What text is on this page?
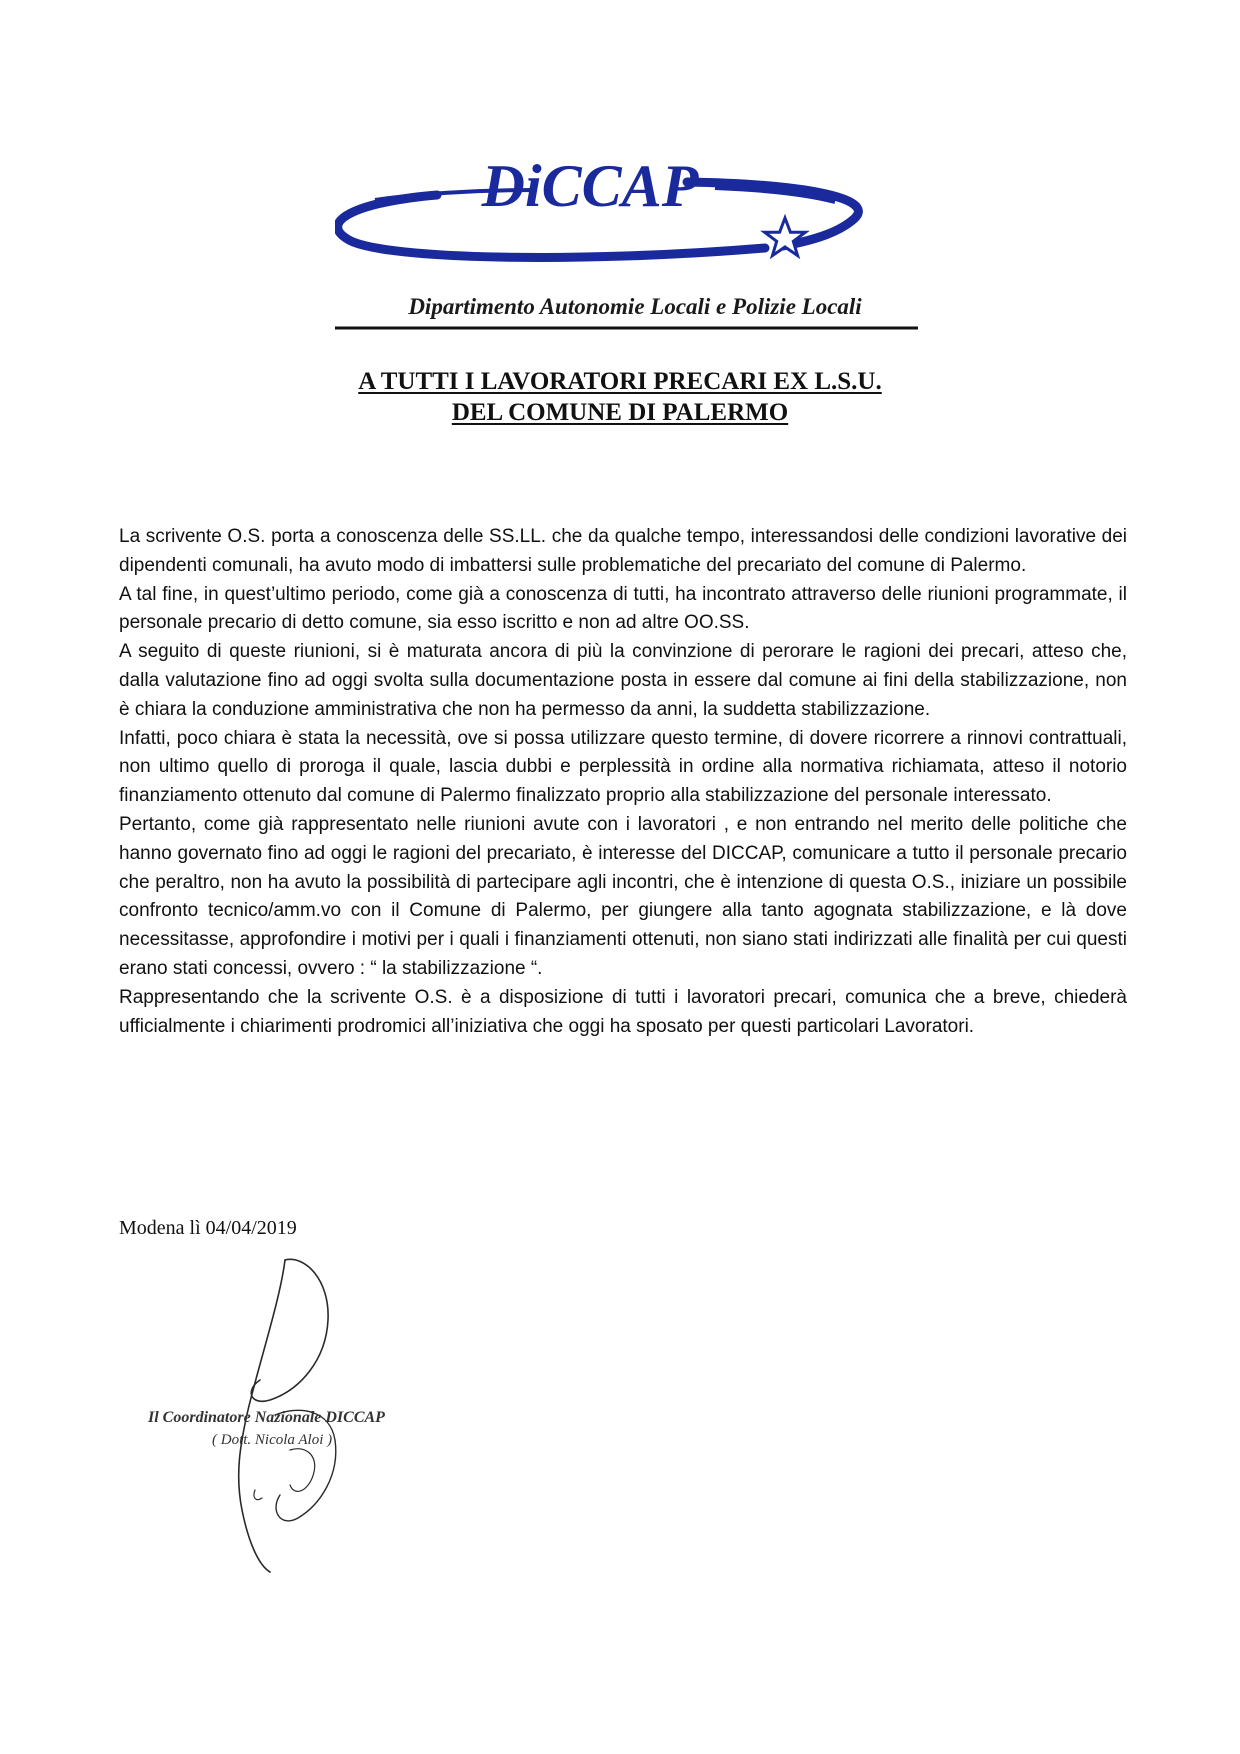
DiCCAP
Dipartimento Autonomie Locali e Polizie Locali
A TUTTI I LAVORATORI PRECARI EX L.S.U.
DEL COMUNE DI PALERMO

La scrivente O.S. porta a conoscenza delle SS.LL. che da qualche tempo, interessandosi delle condizioni lavorative dei dipendenti comunali, ha avuto modo di imbattersi sulle problematiche del precariato del comune di Palermo.

A tal fine, in quest’ultimo periodo, come già a conoscenza di tutti, ha incontrato attraverso delle riunioni programmate, il personale precario di detto comune, sia esso iscritto e non ad altre OO.SS.

A seguito di queste riunioni, si è maturata ancora di più la convinzione di perorare le ragioni dei precari, atteso che, dalla valutazione fino ad oggi svolta sulla documentazione posta in essere dal comune ai fini della stabilizzazione, non è chiara la conduzione amministrativa che non ha permesso da anni, la suddetta stabilizzazione.

Infatti, poco chiara è stata la necessità, ove si possa utilizzare questo termine, di dovere ricorrere a rinnovi contrattuali, non ultimo quello di proroga il quale, lascia dubbi e perplessità in ordine alla normativa richiamata, atteso il notorio finanziamento ottenuto dal comune di Palermo finalizzato proprio alla stabilizzazione del personale interessato.

Pertanto, come già rappresentato nelle riunioni avute con i lavoratori , e non entrando nel merito delle politiche che hanno governato fino ad oggi le ragioni del precariato, è interesse del DICCAP, comunicare a tutto il personale precario che peraltro, non ha avuto la possibilità di partecipare agli incontri, che è intenzione di questa O.S., iniziare un possibile confronto tecnico/amm.vo con il Comune di Palermo, per giungere alla tanto agognata stabilizzazione, e là dove necessitasse, approfondire i motivi per i quali i finanziamenti ottenuti, non siano stati indirizzati alle finalità per cui questi erano stati concessi, ovvero : “ la stabilizzazione “.

Rappresentando che la scrivente O.S. è a disposizione di tutti i lavoratori precari, comunica che a breve, chiederà ufficialmente i chiarimenti prodromici all’iniziativa che oggi ha sposato per questi particolari Lavoratori.

Modena lì 04/04/2019
Il Coordinatore Nazionale DICCAP
( Dott. Nicola Aloi )
